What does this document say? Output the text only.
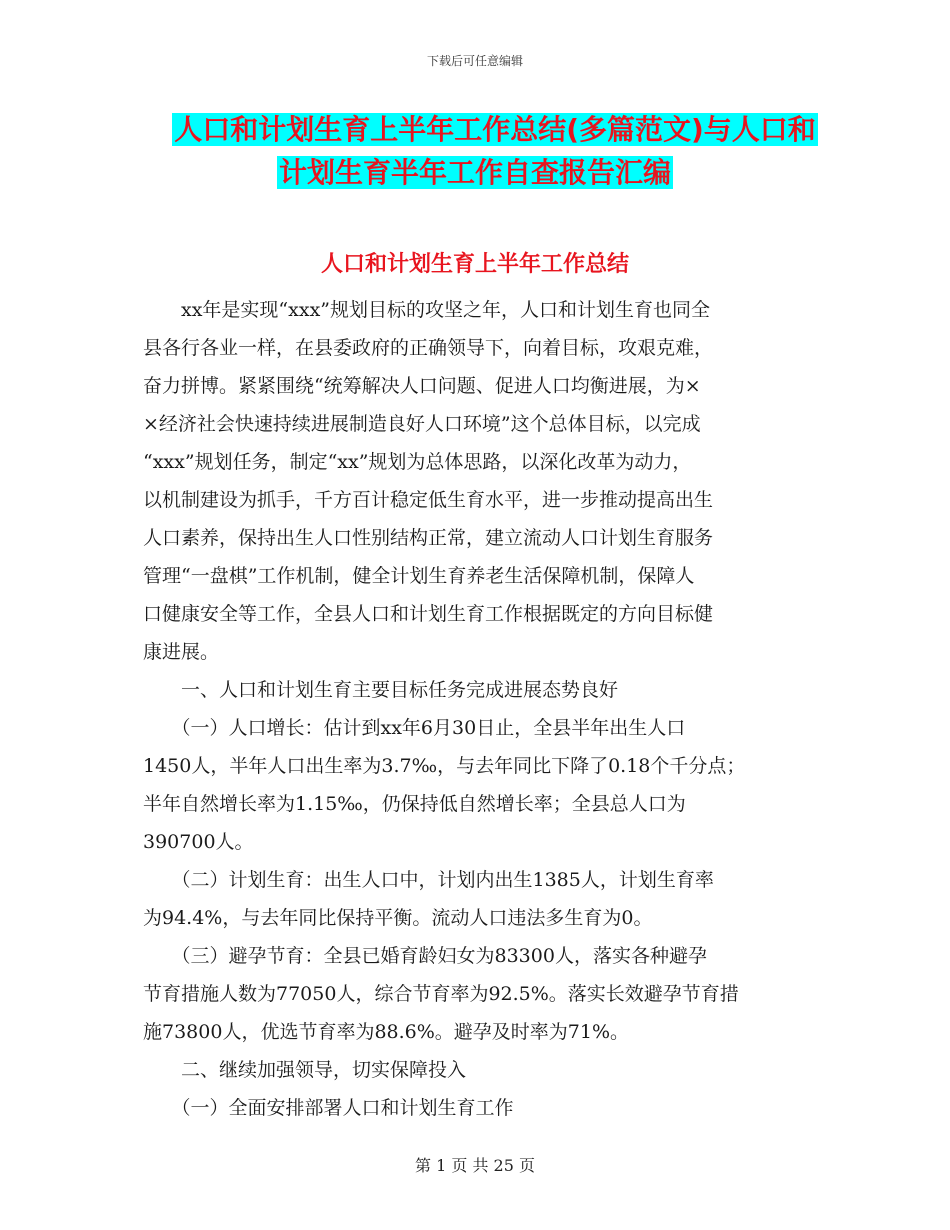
下载后可任意编辑
人口和计划生育上半年工作总结(多篇范文)与人口和
计划生育半年工作自查报告汇编
人口和计划生育上半年工作总结
　　xx年是实现“xxx”规划目标的攻坚之年，人口和计划生育也同全
县各行各业一样，在县委政府的正确领导下，向着目标，攻艰克难，
奋力拼博。紧紧围绕“统筹解决人口问题、促进人口均衡进展，为×
×经济社会快速持续进展制造良好人口环境”这个总体目标，以完成
“xxx”规划任务，制定“xx”规划为总体思路，以深化改革为动力，
以机制建设为抓手，千方百计稳定低生育水平，进一步推动提高出生
人口素养，保持出生人口性别结构正常，建立流动人口计划生育服务
管理“一盘棋”工作机制，健全计划生育养老生活保障机制，保障人
口健康安全等工作，全县人口和计划生育工作根据既定的方向目标健
康进展。
　　一、人口和计划生育主要目标任务完成进展态势良好
　　（一）人口增长：估计到xx年6月30日止，全县半年出生人口
1450人，半年人口出生率为3.7‰，与去年同比下降了0.18个千分点；
半年自然增长率为1.15‰，仍保持低自然增长率；全县总人口为
390700人。
　　（二）计划生育：出生人口中，计划内出生1385人，计划生育率
为94.4%，与去年同比保持平衡。流动人口违法多生育为0。
　　（三）避孕节育：全县已婚育龄妇女为83300人，落实各种避孕
节育措施人数为77050人，综合节育率为92.5%。落实长效避孕节育措
施73800人，优选节育率为88.6%。避孕及时率为71%。
　　二、继续加强领导，切实保障投入
　　（一）全面安排部署人口和计划生育工作
第 1 页 共 25 页
